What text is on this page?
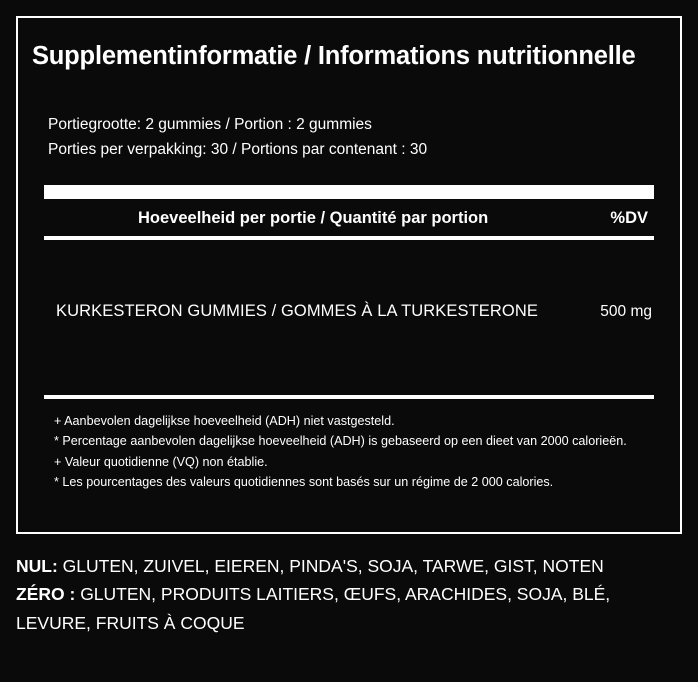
Supplementinformatie / Informations nutritionnelle
Portiegrootte: 2 gummies / Portion : 2 gummies
Porties per verpakking: 30 / Portions par contenant : 30
Hoeveelheid per portie / Quantité par portion	%DV
KURKESTERON GUMMIES / GOMMES À LA TURKESTERONE	500 mg
+ Aanbevolen dagelijkse hoeveelheid (ADH) niet vastgesteld.
* Percentage aanbevolen dagelijkse hoeveelheid (ADH) is gebaseerd op een dieet van 2000 calorieën.
+ Valeur quotidienne (VQ) non établie.
* Les pourcentages des valeurs quotidiennes sont basés sur un régime de 2 000 calories.
NUL: GLUTEN, ZUIVEL, EIEREN, PINDA'S, SOJA, TARWE, GIST, NOTEN
ZÉRO : GLUTEN, PRODUITS LAITIERS, ŒUFS, ARACHIDES, SOJA, BLÉ, LEVURE, FRUITS À COQUE
